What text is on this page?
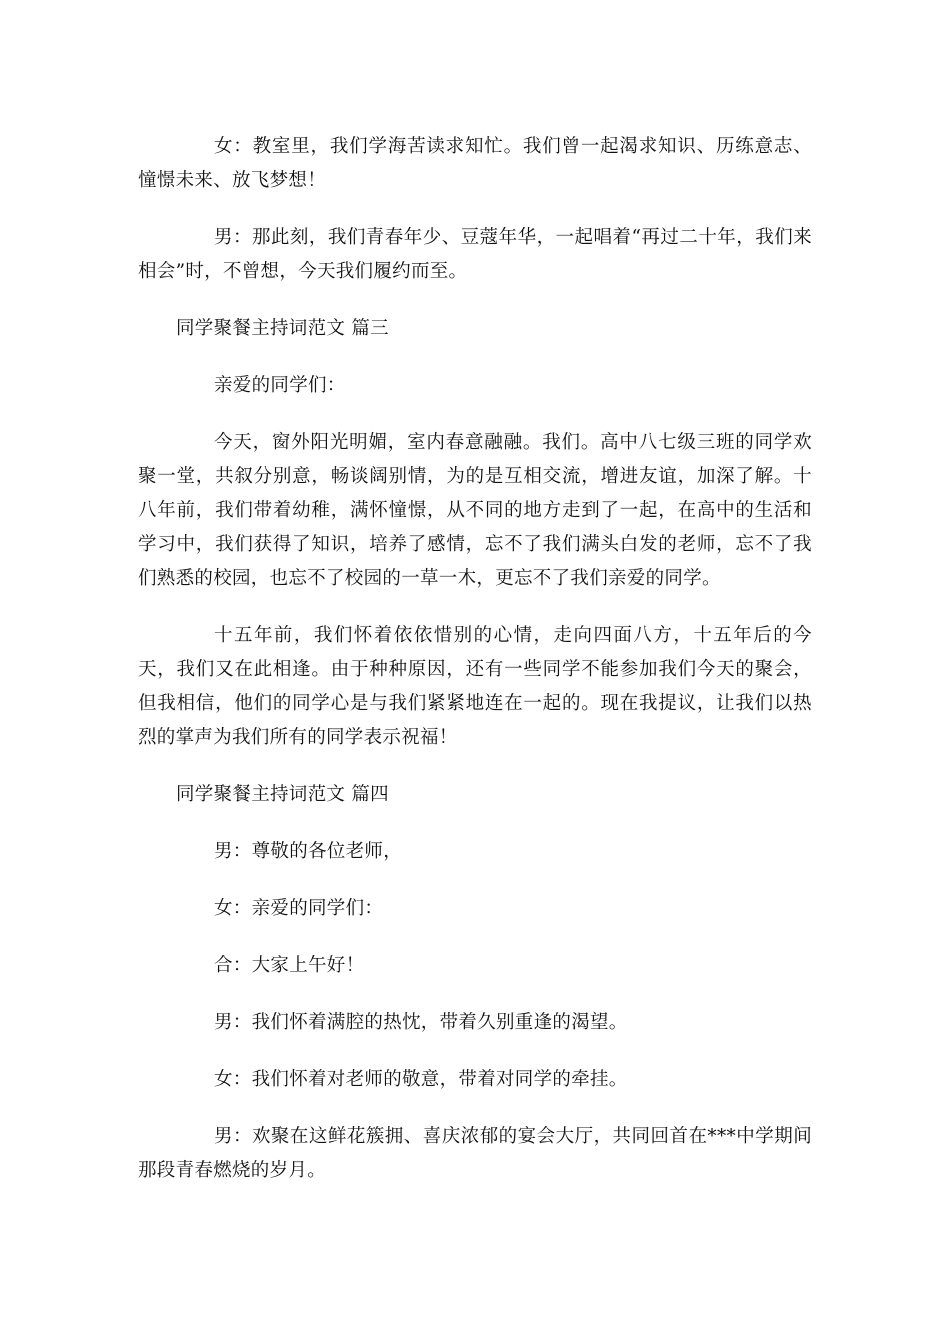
女：教室里，我们学海苦读求知忙。我们曾一起渴求知识、历练意志、憧憬未来、放飞梦想！

男：那此刻，我们青春年少、豆蔻年华，一起唱着“再过二十年，我们来相会”时，不曾想，今天我们履约而至。

同学聚餐主持词范文 篇三

亲爱的同学们：

今天，窗外阳光明媚，室内春意融融。我们。高中八七级三班的同学欢聚一堂，共叙分别意，畅谈阔别情，为的是互相交流，增进友谊，加深了解。十八年前，我们带着幼稚，满怀憧憬，从不同的地方走到了一起，在高中的生活和学习中，我们获得了知识，培养了感情，忘不了我们满头白发的老师，忘不了我们熟悉的校园，也忘不了校园的一草一木，更忘不了我们亲爱的同学。

十五年前，我们怀着依依惜别的心情，走向四面八方，十五年后的今天，我们又在此相逢。由于种种原因，还有一些同学不能参加我们今天的聚会，但我相信，他们的同学心是与我们紧紧地连在一起的。现在我提议，让我们以热烈的掌声为我们所有的同学表示祝福！

同学聚餐主持词范文 篇四

男：尊敬的各位老师，

女：亲爱的同学们：

合：大家上午好！

男：我们怀着满腔的热忱，带着久别重逢的渴望。

女：我们怀着对老师的敬意，带着对同学的牵挂。

男：欢聚在这鲜花簇拥、喜庆浓郁的宴会大厅，共同回首在***中学期间那段青春燃烧的岁月。
